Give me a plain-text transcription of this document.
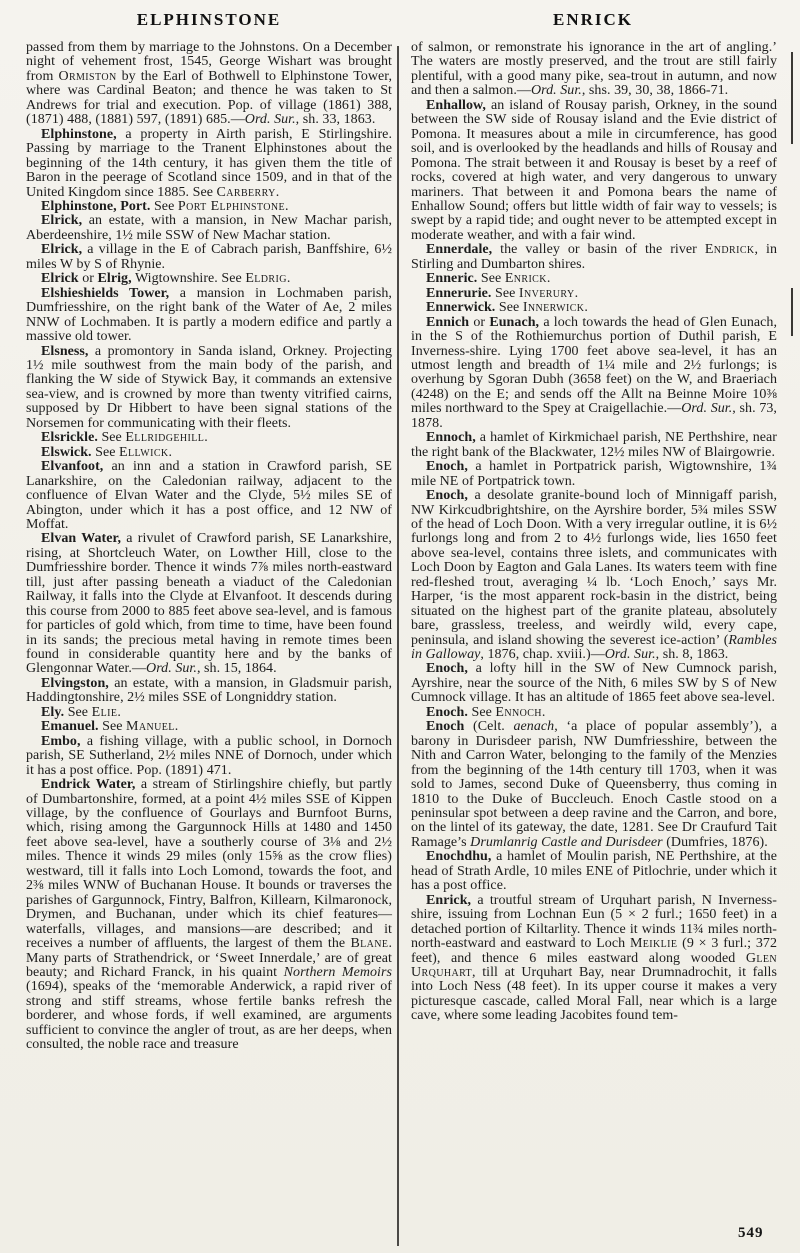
ELPHINSTONE	ENRICK

passed from them by marriage to the Johnstons. On a December night of vehement frost, 1545, George Wishart was brought from Ormiston by the Earl of Bothwell to Elphinstone Tower, where was Cardinal Beaton; and thence he was taken to St Andrews for trial and execution. Pop. of village (1861) 388, (1871) 488, (1881) 597, (1891) 685.—Ord. Sur., sh. 33, 1863.

Elphinstone, a property in Airth parish, E Stirlingshire. Passing by marriage to the Tranent Elphinstones about the beginning of the 14th century, it has given them the title of Baron in the peerage of Scotland since 1509, and in that of the United Kingdom since 1885. See Carberry.

Elphinstone, Port. See Port Elphinstone.

Elrick, an estate, with a mansion, in New Machar parish, Aberdeenshire, 1½ mile SSW of New Machar station.

Elrick, a village in the E of Cabrach parish, Banffshire, 6½ miles W by S of Rhynie.

Elrick or Elrig, Wigtownshire. See Eldrig.

Elshieshields Tower, a mansion in Lochmaben parish, Dumfriesshire, on the right bank of the Water of Ae, 2 miles NNW of Lochmaben. It is partly a modern edifice and partly a massive old tower.

Elsness, a promontory in Sanda island, Orkney. Projecting 1½ mile southwest from the main body of the parish, and flanking the W side of Stywick Bay, it commands an extensive sea-view, and is crowned by more than twenty vitrified cairns, supposed by Dr Hibbert to have been signal stations of the Norsemen for communicating with their fleets.

Elsrickle. See Ellridgehill.

Elswick. See Ellwick.

Elvanfoot, an inn and a station in Crawford parish, SE Lanarkshire, on the Caledonian railway, adjacent to the confluence of Elvan Water and the Clyde, 5½ miles SE of Abington, under which it has a post office, and 12 NW of Moffat.

Elvan Water, a rivulet of Crawford parish, SE Lanarkshire, rising, at Shortcleuch Water, on Lowther Hill, close to the Dumfriesshire border. Thence it winds 7⅞ miles north-eastward till, just after passing beneath a viaduct of the Caledonian Railway, it falls into the Clyde at Elvanfoot. It descends during this course from 2000 to 885 feet above sea-level, and is famous for particles of gold which, from time to time, have been found in its sands; the precious metal having in remote times been found in considerable quantity here and by the banks of Glengonnar Water.—Ord. Sur., sh. 15, 1864.

Elvingston, an estate, with a mansion, in Gladsmuir parish, Haddingtonshire, 2½ miles SSE of Longniddry station.

Ely. See Elie.

Emanuel. See Manuel.

Embo, a fishing village, with a public school, in Dornoch parish, SE Sutherland, 2½ miles NNE of Dornoch, under which it has a post office. Pop. (1891) 471.

Endrick Water, a stream of Stirlingshire chiefly, but partly of Dumbartonshire, formed, at a point 4½ miles SSE of Kippen village, by the confluence of Gourlays and Burnfoot Burns, which, rising among the Gargunnock Hills at 1480 and 1450 feet above sea-level, have a southerly course of 3⅛ and 2½ miles. Thence it winds 29 miles (only 15⅝ as the crow flies) westward, till it falls into Loch Lomond, towards the foot, and 2⅜ miles WNW of Buchanan House. It bounds or traverses the parishes of Gargunnock, Fintry, Balfron, Killearn, Kilmaronock, Drymen, and Buchanan, under which its chief features—waterfalls, villages, and mansions—are described; and it receives a number of affluents, the largest of them the Blane. Many parts of Strathendrick, or ‘Sweet Innerdale,’ are of great beauty; and Richard Franck, in his quaint Northern Memoirs (1694), speaks of the ‘memorable Anderwick, a rapid river of strong and stiff streams, whose fertile banks refresh the borderer, and whose fords, if well examined, are arguments sufficient to convince the angler of trout, as are her deeps, when consulted, the noble race and treasure

of salmon, or remonstrate his ignorance in the art of angling.’ The waters are mostly preserved, and the trout are still fairly plentiful, with a good many pike, sea-trout in autumn, and now and then a salmon.—Ord. Sur., shs. 39, 30, 38, 1866-71.

Enhallow, an island of Rousay parish, Orkney, in the sound between the SW side of Rousay island and the Evie district of Pomona. It measures about a mile in circumference, has good soil, and is overlooked by the headlands and hills of Rousay and Pomona. The strait between it and Rousay is beset by a reef of rocks, covered at high water, and very dangerous to unwary mariners. That between it and Pomona bears the name of Enhallow Sound; offers but little width of fair way to vessels; is swept by a rapid tide; and ought never to be attempted except in moderate weather, and with a fair wind.

Ennerdale, the valley or basin of the river Endrick, in Stirling and Dumbarton shires.

Enneric. See Enrick.

Ennerurie. See Inverury.

Ennerwick. See Innerwick.

Ennich or Eunach, a loch towards the head of Glen Eunach, in the S of the Rothiemurchus portion of Duthil parish, E Inverness-shire. Lying 1700 feet above sea-level, it has an utmost length and breadth of 1¼ mile and 2½ furlongs; is overhung by Sgoran Dubh (3658 feet) on the W, and Braeriach (4248) on the E; and sends off the Allt na Beinne Moire 10⅜ miles northward to the Spey at Craigellachie.—Ord. Sur., sh. 73, 1878.

Ennoch, a hamlet of Kirkmichael parish, NE Perthshire, near the right bank of the Blackwater, 12½ miles NW of Blairgowrie.

Enoch, a hamlet in Portpatrick parish, Wigtownshire, 1¾ mile NE of Portpatrick town.

Enoch, a desolate granite-bound loch of Minnigaff parish, NW Kirkcudbrightshire, on the Ayrshire border, 5¾ miles SSW of the head of Loch Doon. With a very irregular outline, it is 6½ furlongs long and from 2 to 4½ furlongs wide, lies 1650 feet above sea-level, contains three islets, and communicates with Loch Doon by Eagton and Gala Lanes. Its waters teem with fine red-fleshed trout, averaging ¼ lb. ‘Loch Enoch,’ says Mr. Harper, ‘is the most apparent rock-basin in the district, being situated on the highest part of the granite plateau, absolutely bare, grassless, treeless, and weirdly wild, every cape, peninsula, and island showing the severest ice-action’ (Rambles in Galloway, 1876, chap. xviii.)—Ord. Sur., sh. 8, 1863.

Enoch, a lofty hill in the SW of New Cumnock parish, Ayrshire, near the source of the Nith, 6 miles SW by S of New Cumnock village. It has an altitude of 1865 feet above sea-level.

Enoch. See Ennoch.

Enoch (Celt. aenach, ‘a place of popular assembly’), a barony in Durisdeer parish, NW Dumfriesshire, between the Nith and Carron Water, belonging to the family of the Menzies from the beginning of the 14th century till 1703, when it was sold to James, second Duke of Queensberry, thus coming in 1810 to the Duke of Buccleuch. Enoch Castle stood on a peninsular spot between a deep ravine and the Carron, and bore, on the lintel of its gateway, the date, 1281. See Dr Craufurd Tait Ramage’s Drumlanrig Castle and Durisdeer (Dumfries, 1876).

Enochdhu, a hamlet of Moulin parish, NE Perthshire, at the head of Strath Ardle, 10 miles ENE of Pitlochrie, under which it has a post office.

Enrick, a troutful stream of Urquhart parish, N Inverness-shire, issuing from Lochnan Eun (5 × 2 furl.; 1650 feet) in a detached portion of Kiltarlity. Thence it winds 11¾ miles north-north-eastward and eastward to Loch Meiklie (9 × 3 furl.; 372 feet), and thence 6 miles eastward along wooded Glen Urquhart, till at Urquhart Bay, near Drumnadrochit, it falls into Loch Ness (48 feet). In its upper course it makes a very picturesque cascade, called Moral Fall, near which is a large cave, where some leading Jacobites found tem-

549
